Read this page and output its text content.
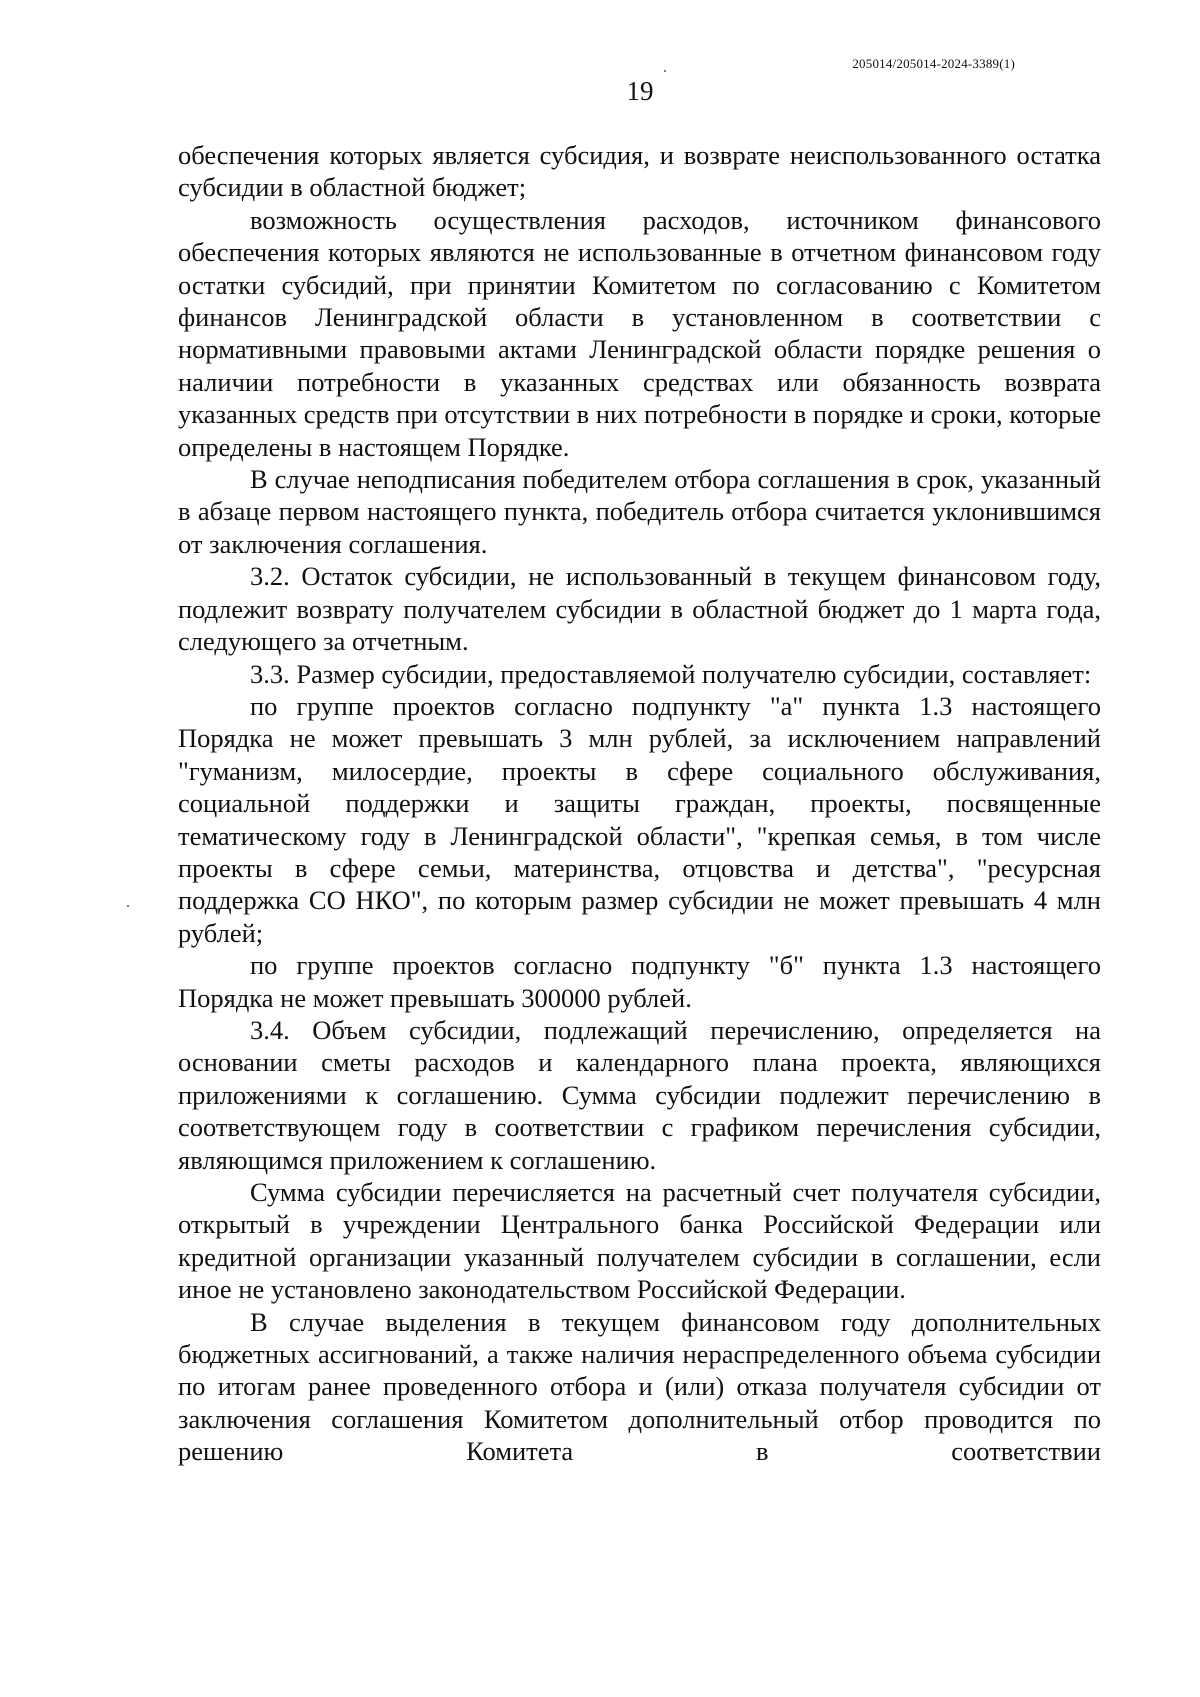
205014/205014-2024-3389(1)
19

обеспечения которых является субсидия, и возврате неиспользованного остатка субсидии в областной бюджет;

возможность осуществления расходов, источником финансового обеспечения которых являются не использованные в отчетном финансовом году остатки субсидий, при принятии Комитетом по согласованию с Комитетом финансов Ленинградской области в установленном в соответствии с нормативными правовыми актами Ленинградской области порядке решения о наличии потребности в указанных средствах или обязанность возврата указанных средств при отсутствии в них потребности в порядке и сроки, которые определены в настоящем Порядке.

В случае неподписания победителем отбора соглашения в срок, указанный в абзаце первом настоящего пункта, победитель отбора считается уклонившимся от заключения соглашения.

3.2. Остаток субсидии, не использованный в текущем финансовом году, подлежит возврату получателем субсидии в областной бюджет до 1 марта года, следующего за отчетным.

3.3. Размер субсидии, предоставляемой получателю субсидии, составляет:

по группе проектов согласно подпункту "а" пункта 1.3 настоящего Порядка не может превышать 3 млн рублей, за исключением направлений "гуманизм, милосердие, проекты в сфере социального обслуживания, социальной поддержки и защиты граждан, проекты, посвященные тематическому году в Ленинградской области", "крепкая семья, в том числе проекты в сфере семьи, материнства, отцовства и детства", "ресурсная поддержка СО НКО", по которым размер субсидии не может превышать 4 млн рублей;

по группе проектов согласно подпункту "б" пункта 1.3 настоящего Порядка не может превышать 300000 рублей.

3.4. Объем субсидии, подлежащий перечислению, определяется на основании сметы расходов и календарного плана проекта, являющихся приложениями к соглашению. Сумма субсидии подлежит перечислению в соответствующем году в соответствии с графиком перечисления субсидии, являющимся приложением к соглашению.

Сумма субсидии перечисляется на расчетный счет получателя субсидии, открытый в учреждении Центрального банка Российской Федерации или кредитной организации указанный получателем субсидии в соглашении, если иное не установлено законодательством Российской Федерации.

В случае выделения в текущем финансовом году дополнительных бюджетных ассигнований, а также наличия нераспределенного объема субсидии по итогам ранее проведенного отбора и (или) отказа получателя субсидии от заключения соглашения Комитетом дополнительный отбор проводится по решению Комитета в соответствии
